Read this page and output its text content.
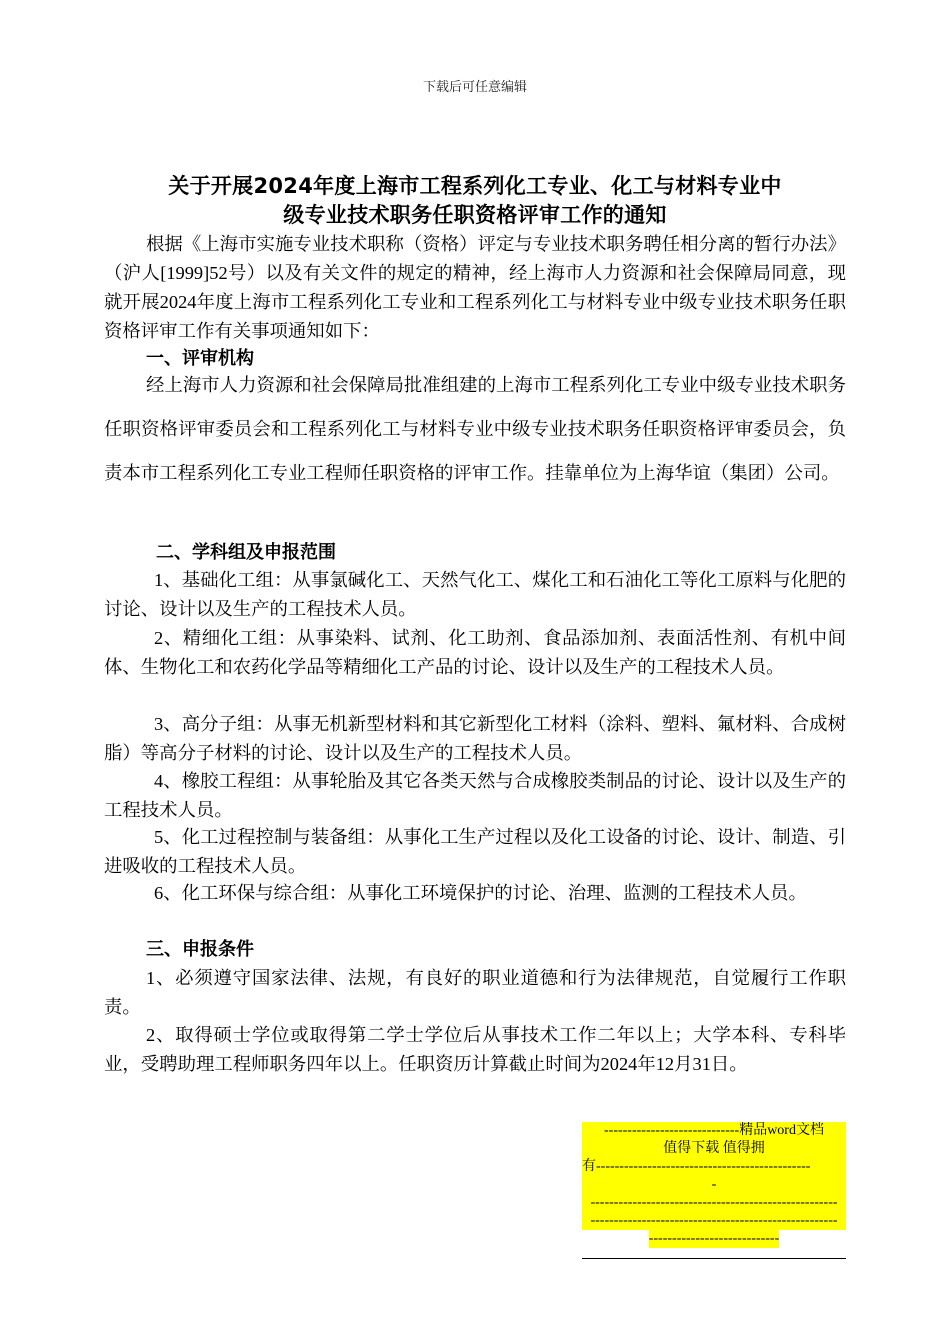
下载后可任意编辑
关于开展2024年度上海市工程系列化工专业、化工与材料专业中
级专业技术职务任职资格评审工作的通知
根据《上海市实施专业技术职称（资格）评定与专业技术职务聘任相分离的暂行办法》（沪人[1999]52号）以及有关文件的规定的精神，经上海市人力资源和社会保障局同意，现就开展2024年度上海市工程系列化工专业和工程系列化工与材料专业中级专业技术职务任职资格评审工作有关事项通知如下：
一、评审机构
经上海市人力资源和社会保障局批准组建的上海市工程系列化工专业中级专业技术职务任职资格评审委员会和工程系列化工与材料专业中级专业技术职务任职资格评审委员会，负责本市工程系列化工专业工程师任职资格的评审工作。挂靠单位为上海华谊（集团）公司。
二、学科组及申报范围
1、基础化工组：从事氯碱化工、天然气化工、煤化工和石油化工等化工原料与化肥的讨论、设计以及生产的工程技术人员。
2、精细化工组：从事染料、试剂、化工助剂、食品添加剂、表面活性剂、有机中间体、生物化工和农药化学品等精细化工产品的讨论、设计以及生产的工程技术人员。
3、高分子组：从事无机新型材料和其它新型化工材料（涂料、塑料、氟材料、合成树脂）等高分子材料的讨论、设计以及生产的工程技术人员。
4、橡胶工程组：从事轮胎及其它各类天然与合成橡胶类制品的讨论、设计以及生产的工程技术人员。
5、化工过程控制与装备组：从事化工生产过程以及化工设备的讨论、设计、制造、引进吸收的工程技术人员。
6、化工环保与综合组：从事化工环境保护的讨论、治理、监测的工程技术人员。
三、申报条件
1、必须遵守国家法律、法规，有良好的职业道德和行为法律规范，自觉履行工作职责。
2、取得硕士学位或取得第二学士学位后从事技术工作二年以上；大学本科、专科毕业，受聘助理工程师职务四年以上。任职资历计算截止时间为2024年12月31日。
-----------------------------精品word文档
值得下载 值得拥
有----------------------------------------------
-
-----------------------------------------------------
-----------------------------------------------------
----------------------------
